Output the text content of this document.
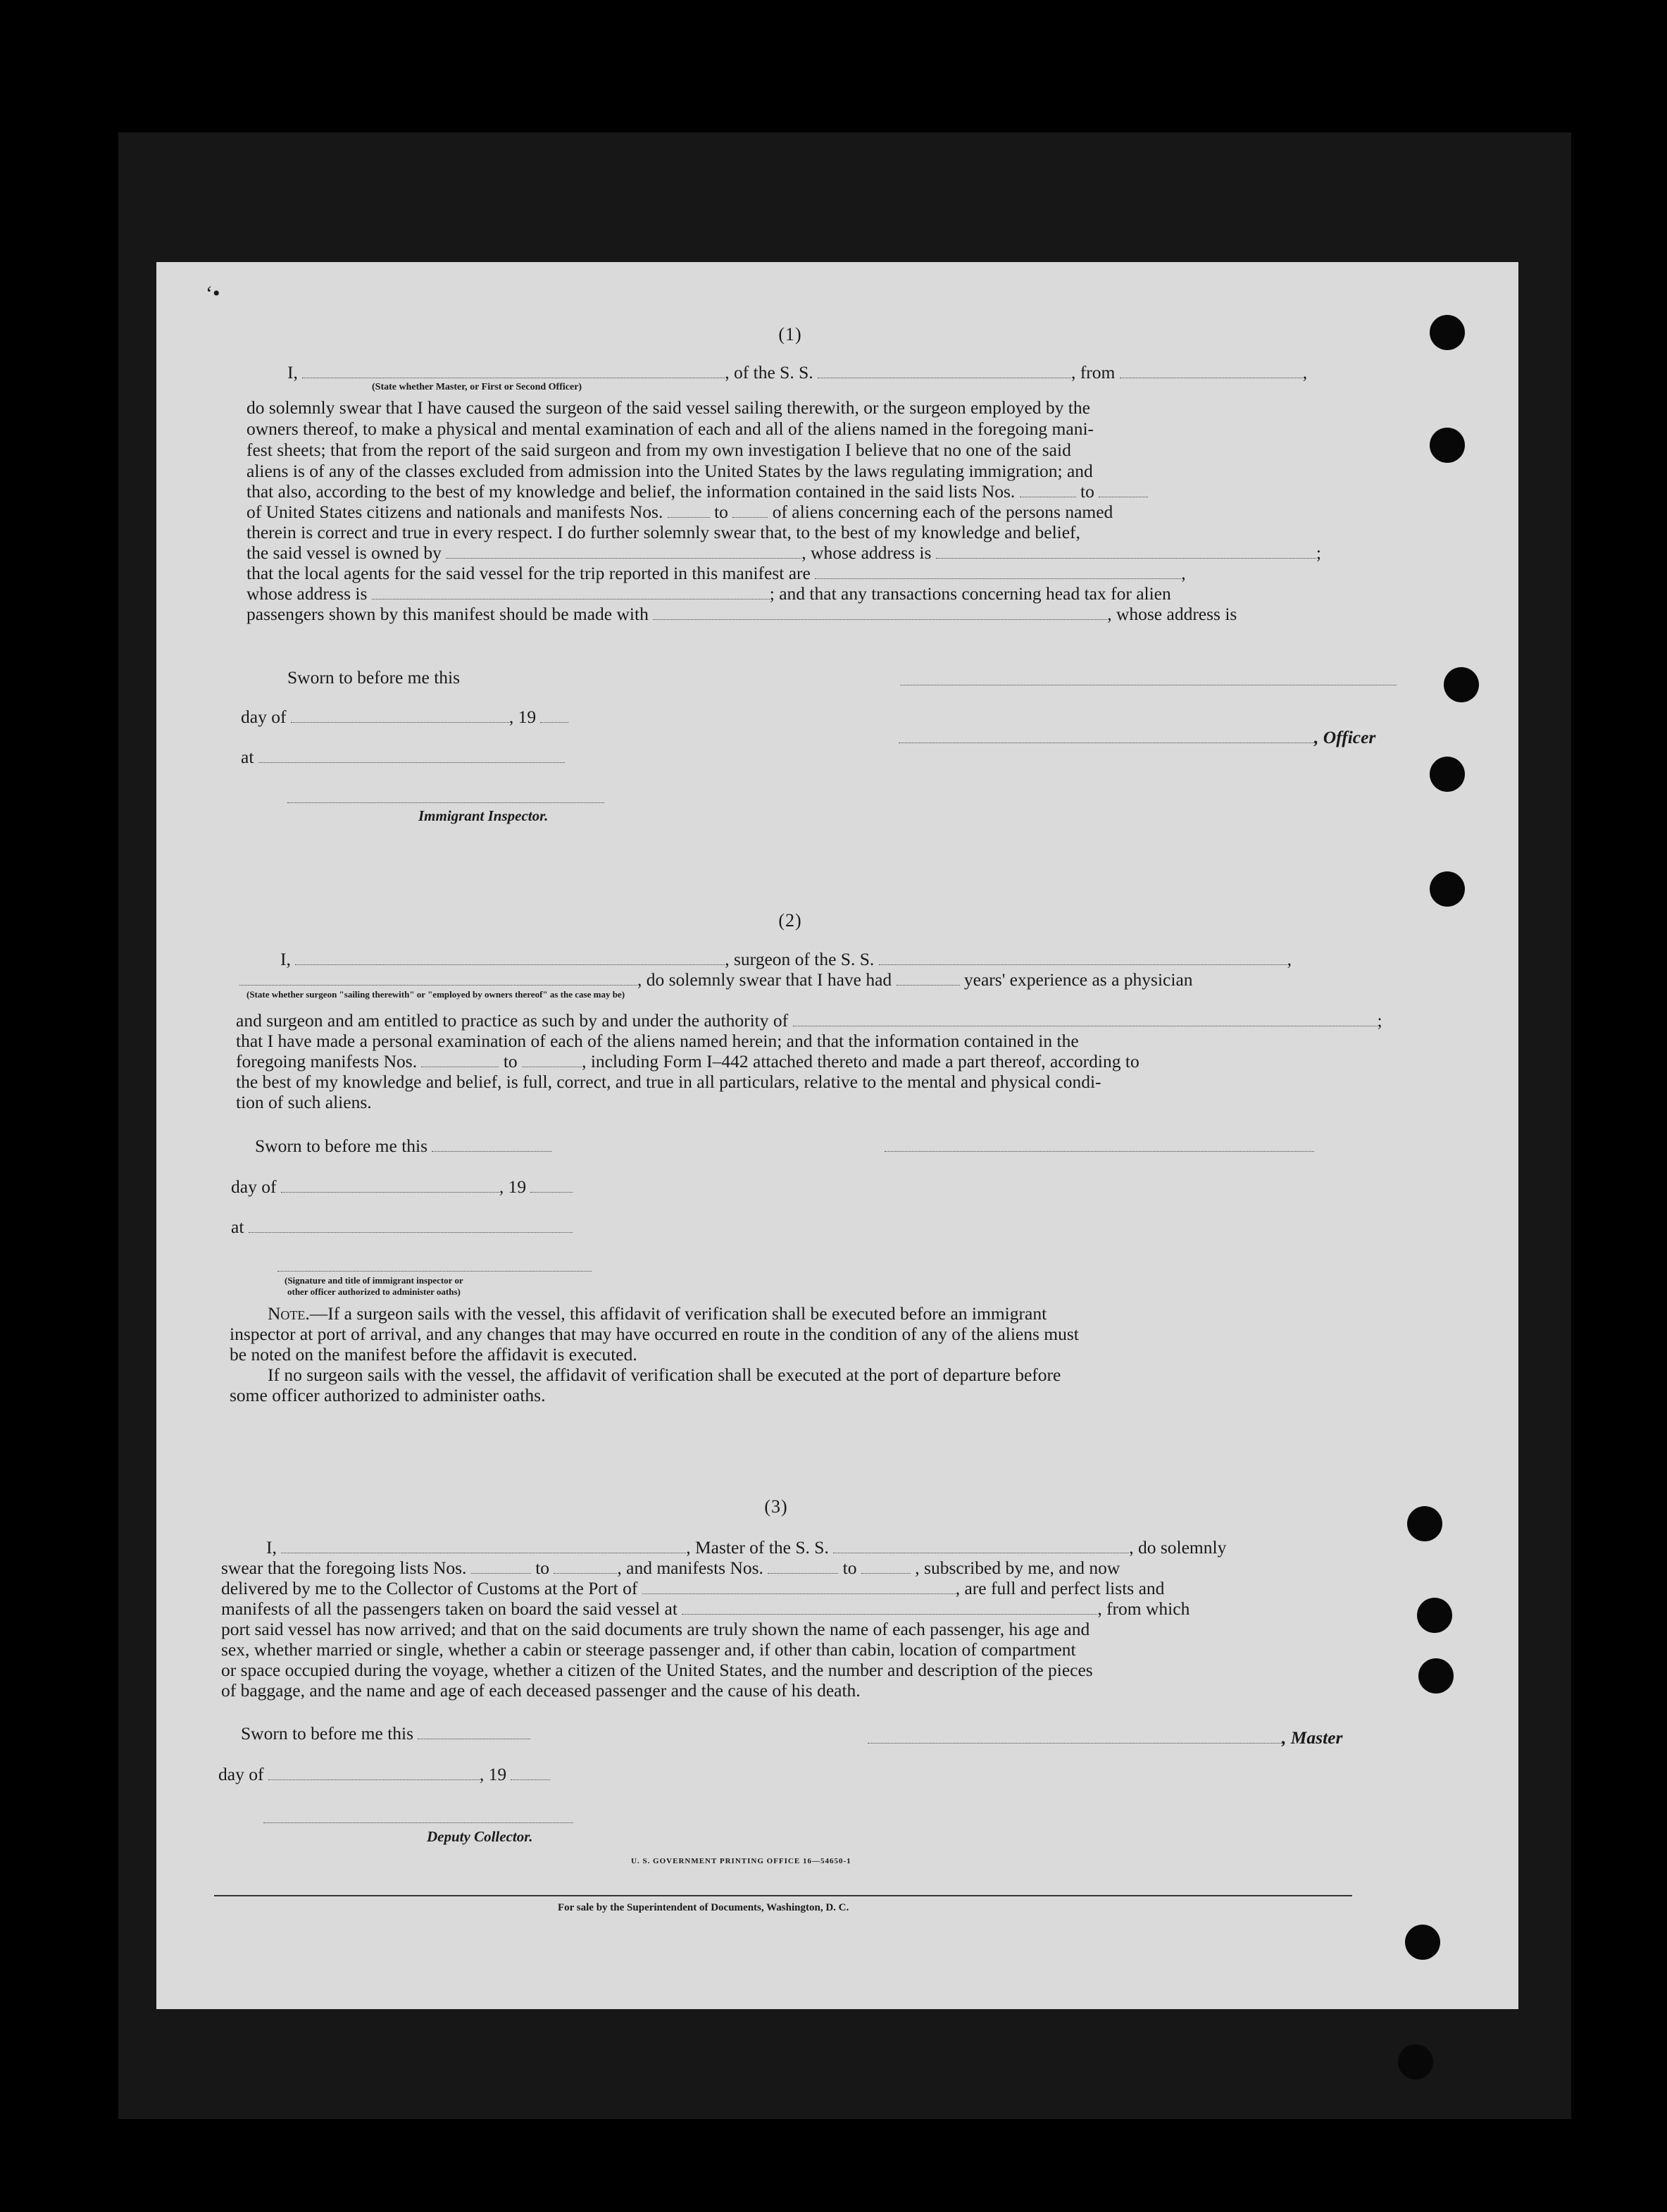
ʻ•
(1)
I,	, of the S. S.	, from	,
(State whether Master, or First or Second Officer)
do solemnly swear that I have caused the surgeon of the said vessel sailing therewith, or the surgeon employed by the
owners thereof, to make a physical and mental examination of each and all of the aliens named in the foregoing mani-
fest sheets; that from the report of the said surgeon and from my own investigation I believe that no one of the said
aliens is of any of the classes excluded from admission into the United States by the laws regulating immigration; and
that also, according to the best of my knowledge and belief, the information contained in the said lists Nos.	to
of United States citizens and nationals and manifests Nos.	to of aliens concerning each of the persons named
therein is correct and true in every respect. I do further solemnly swear that, to the best of my knowledge and belief,
the said vessel is owned by	, whose address is	;
that the local agents for the said vessel for the trip reported in this manifest are	,
whose address is	; and that any transactions concerning head tax for alien
passengers shown by this manifest should be made with	, whose address is
Sworn to before me this
day of	, 19
, Officer
at
Immigrant Inspector.
(2)
I,	, surgeon of the S. S.	,
, do solemnly swear that I have had	years' experience as a physician
(State whether surgeon "sailing therewith" or "employed by owners thereof" as the case may be)
and surgeon and am entitled to practice as such by and under the authority of	;
that I have made a personal examination of each of the aliens named herein; and that the information contained in the
foregoing manifests Nos.	to	, including Form I–442 attached thereto and made a part thereof, according to
the best of my knowledge and belief, is full, correct, and true in all particulars, relative to the mental and physical condi-
tion of such aliens.
Sworn to before me this
day of	, 19
at
(Signature and title of immigrant inspector or
other officer authorized to administer oaths)
Note.—If a surgeon sails with the vessel, this affidavit of verification shall be executed before an immigrant
inspector at port of arrival, and any changes that may have occurred en route in the condition of any of the aliens must
be noted on the manifest before the affidavit is executed.
If no surgeon sails with the vessel, the affidavit of verification shall be executed at the port of departure before
some officer authorized to administer oaths.
(3)
I,	, Master of the S. S.	, do solemnly
swear that the foregoing lists Nos.	to	, and manifests Nos.	to	, subscribed by me, and now
delivered by me to the Collector of Customs at the Port of	, are full and perfect lists and
manifests of all the passengers taken on board the said vessel at	, from which
port said vessel has now arrived; and that on the said documents are truly shown the name of each passenger, his age and
sex, whether married or single, whether a cabin or steerage passenger and, if other than cabin, location of compartment
or space occupied during the voyage, whether a citizen of the United States, and the number and description of the pieces
of baggage, and the name and age of each deceased passenger and the cause of his death.
Sworn to before me this	, Master
day of	, 19
Deputy Collector.
U. S. GOVERNMENT PRINTING OFFICE 16—54650-1
For sale by the Superintendent of Documents, Washington, D. C.
